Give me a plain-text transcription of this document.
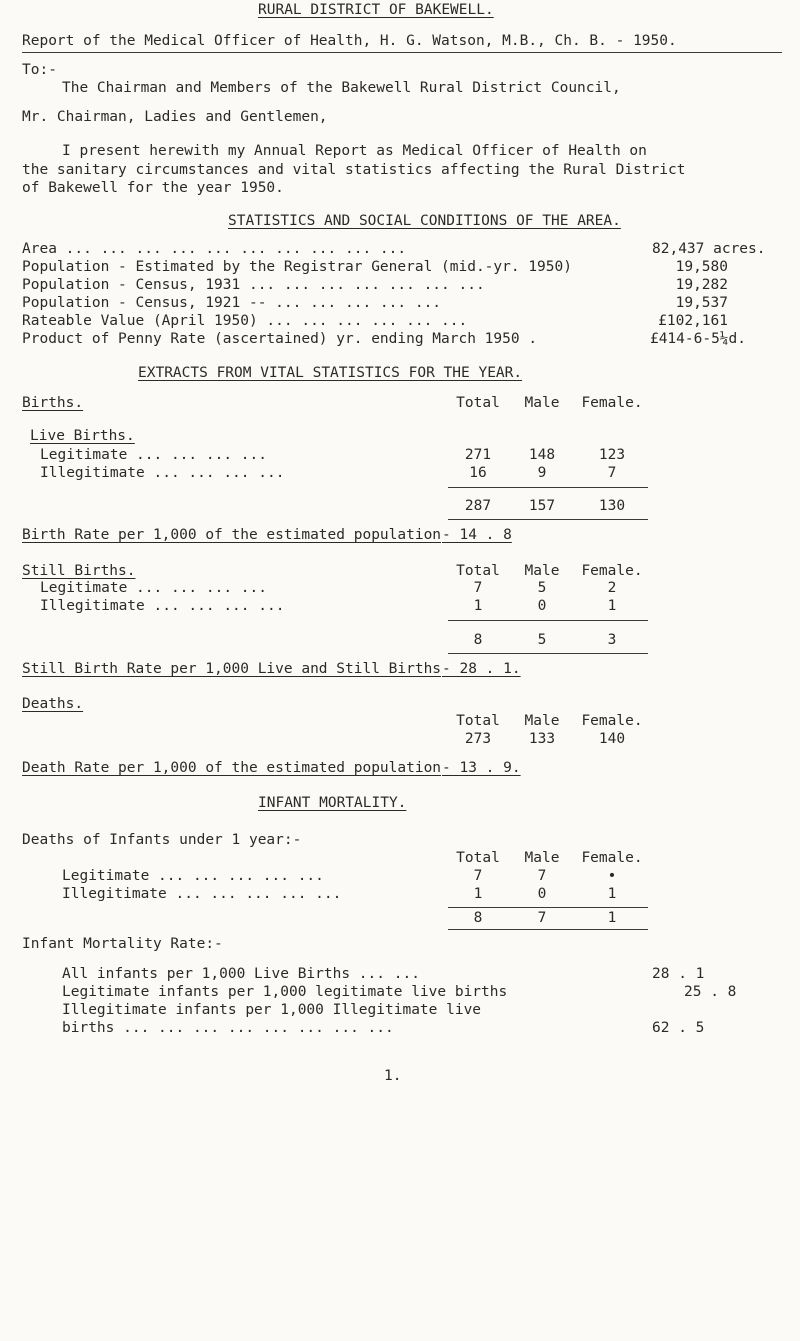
RURAL DISTRICT OF BAKEWELL.
Report of the Medical Officer of Health, H. G. Watson, M.B., Ch. B. - 1950.
To:-
The Chairman and Members of the Bakewell Rural District Council,
Mr. Chairman, Ladies and Gentlemen,
I present herewith my Annual Report as Medical Officer of Health on
the sanitary circumstances and vital statistics affecting the Rural District
of Bakewell for the year 1950.
STATISTICS AND SOCIAL CONDITIONS OF THE AREA.
Area ... ... ... ... ... ... ... ... ... ...	82,437 acres.
Population - Estimated by the Registrar General (mid.-yr. 1950)	19,580
Population - Census, 1931 ... ... ... ... ... ... ...	19,282
Population - Census, 1921 -- ... ... ... ... ...	19,537
Rateable Value (April 1950) ... ... ... ... ... ...	£102,161
Product of Penny Rate (ascertained) yr. ending March 1950 .	£414-6-5¼d.
EXTRACTS FROM VITAL STATISTICS FOR THE YEAR.
Births.	Total	Male	Female.
Live Births.
Legitimate ... ... ... ...	271	148	123
Illegitimate ... ... ... ...	16	9	7
287	157	130
Birth Rate per 1,000 of the estimated population - 14 . 8
Still Births.	Total	Male	Female.
Legitimate ... ... ... ...	7	5	2
Illegitimate ... ... ... ...	1	0	1
8	5	3
Still Birth Rate per 1,000 Live and Still Births - 28 . 1.
Deaths.
Total	Male	Female.
273	133	140
Death Rate per 1,000 of the estimated population - 13 . 9.
INFANT MORTALITY.
Deaths of Infants under 1 year:-
Total	Male	Female.
Legitimate ... ... ... ... ...	7	7	•
Illegitimate ... ... ... ... ...	1	0	1
8	7	1
Infant Mortality Rate:-
All infants per 1,000 Live Births ... ...	28 . 1
Legitimate infants per 1,000 legitimate live births	25 . 8
Illegitimate infants per 1,000 Illegitimate live
births ... ... ... ... ... ... ... ...	62 . 5
1.
